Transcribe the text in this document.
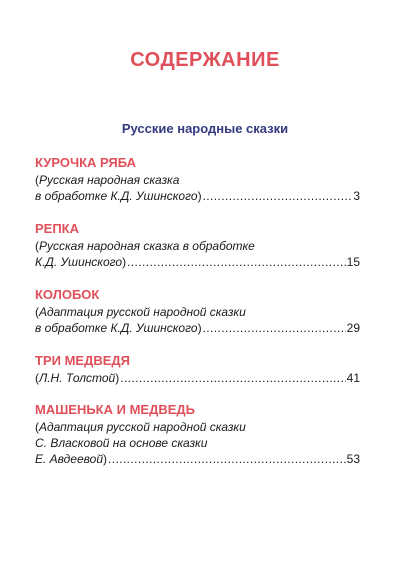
СОДЕРЖАНИЕ
Русские народные сказки
КУРОЧКА РЯБА
(Русская народная сказка
в обработке К.Д. Ушинского) .....	3
РЕПКА
(Русская народная сказка в обработке
К.Д. Ушинского) .....	15
КОЛОБОК
(Адаптация русской народной сказки
в обработке К.Д. Ушинского) .....	29
ТРИ МЕДВЕДЯ
(Л.Н. Толстой) .....	41
МАШЕНЬКА И МЕДВЕДЬ
(Адаптация русской народной сказки
С. Власковой на основе сказки
Е. Авдеевой) .....	53
